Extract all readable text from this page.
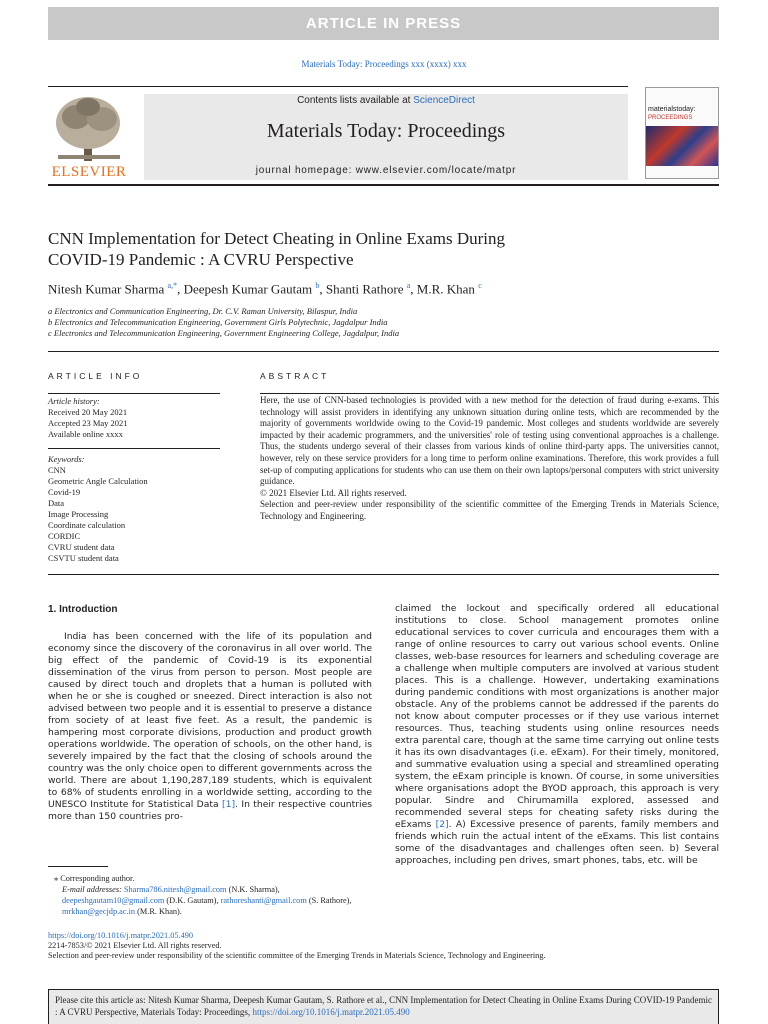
ARTICLE IN PRESS
Materials Today: Proceedings xxx (xxxx) xxx
ELSEVIER
Contents lists available at ScienceDirect
Materials Today: Proceedings
journal homepage: www.elsevier.com/locate/matpr
materialstoday:
PROCEEDINGS
CNN Implementation for Detect Cheating in Online Exams During
COVID-19 Pandemic : A CVRU Perspective
Nitesh Kumar Sharma $^{a,*}$, Deepesh Kumar Gautam $^b$, Shanti Rathore $^a$, M.R. Khan $^c$
a Electronics and Communication Engineering, Dr. C.V. Raman University, Bilaspur, India
b Electronics and Telecommunication Engineering, Government Girls Polytechnic, Jagdalpur India
c Electronics and Telecommunication Engineering, Government Engineering College, Jagdalpur, India
ARTICLE INFO
Article history:
Received 20 May 2021
Accepted 23 May 2021
Available online xxxx
Keywords:
CNN
Geometric Angle Calculation
Covid-19
Data
Image Processing
Coordinate calculation
CORDIC
CVRU student data
CSVTU student data
ABSTRACT
Here, the use of CNN-based technologies is provided with a new method for the detection of fraud during e-exams. This technology will assist providers in identifying any unknown situation during online tests, which are recommended by the majority of governments worldwide owing to the Covid-19 pandemic. Most colleges and students worldwide are severely impacted by their academic programmers, and the universities' role of testing using conventional approaches is a challenge. Thus, the students undergo several of their classes from various kinds of online third-party apps. The universities cannot, however, rely on these service providers for a long time to perform online examinations. Therefore, this work provides a full set-up of computing applications for students who can use them on their own laptops/personal computers with strict university guidance.
© 2021 Elsevier Ltd. All rights reserved.
Selection and peer-review under responsibility of the scientific committee of the Emerging Trends in Materials Science, Technology and Engineering.
1. Introduction
India has been concerned with the life of its population and economy since the discovery of the coronavirus in all over world. The big effect of the pandemic of Covid-19 is its exponential dissemination of the virus from person to person. Most people are caused by direct touch and droplets that a human is polluted with when he or she is coughed or sneezed. Direct interaction is also not advised between two people and it is essential to preserve a distance from society of at least five feet. As a result, the pandemic is hampering most corporate divisions, production and product growth operations worldwide. The operation of schools, on the other hand, is severely impaired by the fact that the closing of schools around the country was the only choice open to different governments across the world. There are about 1,190,287,189 students, which is equivalent to 68% of students enrolling in a worldwide setting, according to the UNESCO Institute for Statistical Data [1]. In their respective countries more than 150 countries pro-
claimed the lockout and specifically ordered all educational institutions to close. School management promotes online educational services to cover curricula and encourages them with a range of online resources to carry out various school events. Online classes, web-base resources for learners and scheduling coverage are a challenge when multiple computers are involved at various student places. This is a challenge. However, undertaking examinations during pandemic conditions with most organizations is another major obstacle. Any of the problems cannot be addressed if the parents do not know about computer processes or if they use various internet resources. Thus, teaching students using online resources needs extra parental care, though at the same time carrying out online tests it has its own disadvantages (i.e. eExam). For their timely, monitored, and summative evaluation using a special and streamlined operating system, the eExam principle is known. Of course, in some universities where organisations adopt the BYOD approach, this approach is very popular. Sindre and Chirumamilla explored, assessed and recommended several steps for cheating safety risks during the eExams [2]. A) Excessive presence of parents, family members and friends which ruin the actual intent of the eExams. This list contains some of the disadvantages and challenges often seen. b) Several approaches, including pen drives, smart phones, tabs, etc. will be
⁎ Corresponding author.
E-mail addresses: Sharma786.nitesh@gmail.com (N.K. Sharma), deepeshgautam10@gmail.com (D.K. Gautam), rathoreshanti@gmail.com (S. Rathore), mrkhan@gecjdp.ac.in (M.R. Khan).
https://doi.org/10.1016/j.matpr.2021.05.490
2214-7853/© 2021 Elsevier Ltd. All rights reserved.
Selection and peer-review under responsibility of the scientific committee of the Emerging Trends in Materials Science, Technology and Engineering.
Please cite this article as: Nitesh Kumar Sharma, Deepesh Kumar Gautam, S. Rathore et al., CNN Implementation for Detect Cheating in Online Exams During COVID-19 Pandemic : A CVRU Perspective, Materials Today: Proceedings, https://doi.org/10.1016/j.matpr.2021.05.490
